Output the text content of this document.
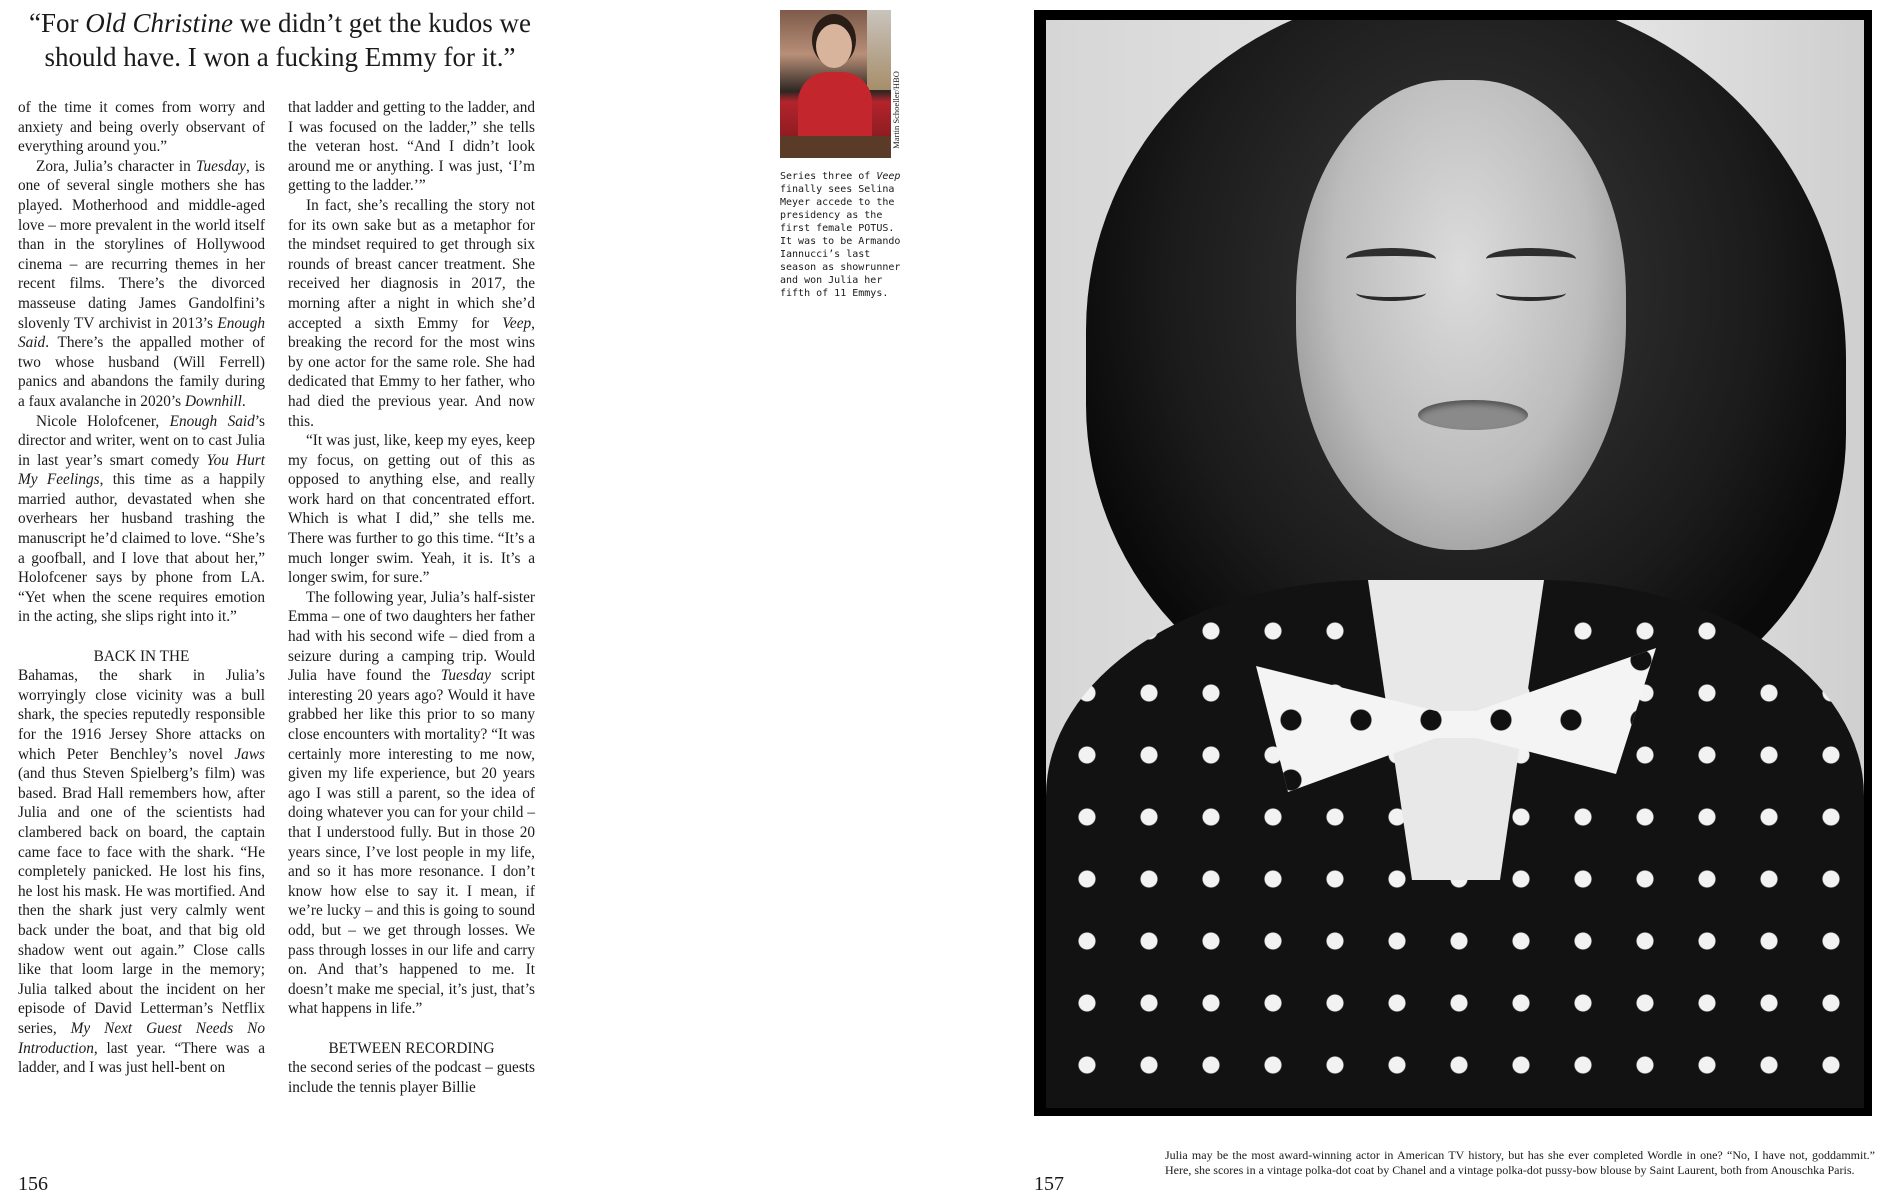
“For Old Christine we didn’t get the kudos we should have. I won a fucking Emmy for it.”

of the time it comes from worry and anxiety and being overly observant of everything around you.”

Zora, Julia’s character in Tuesday, is one of several single mothers she has played. Motherhood and middle-aged love – more prevalent in the world itself than in the storylines of Hollywood cinema – are recurring themes in her recent films. There’s the divorced masseuse dating James Gandolfini’s slovenly TV archivist in 2013’s Enough Said. There’s the appalled mother of two whose husband (Will Ferrell) panics and abandons the family during a faux avalanche in 2020’s Downhill.

Nicole Holofcener, Enough Said’s director and writer, went on to cast Julia in last year’s smart comedy You Hurt My Feelings, this time as a happily married author, devastated when she overhears her husband trashing the manuscript he’d claimed to love. “She’s a goofball, and I love that about her,” Holofcener says by phone from LA. “Yet when the scene requires emotion in the acting, she slips right into it.”

BACK IN THE

Bahamas, the shark in Julia’s worryingly close vicinity was a bull shark, the species reputedly responsible for the 1916 Jersey Shore attacks on which Peter Benchley’s novel Jaws (and thus Steven Spielberg’s film) was based. Brad Hall remembers how, after Julia and one of the scientists had clambered back on board, the captain came face to face with the shark. “He completely panicked. He lost his fins, he lost his mask. He was mortified. And then the shark just very calmly went back under the boat, and that big old shadow went out again.” Close calls like that loom large in the memory; Julia talked about the incident on her episode of David Letterman’s Netflix series, My Next Guest Needs No Introduction, last year. “There was a ladder, and I was just hell-bent on

that ladder and getting to the ladder, and I was focused on the ladder,” she tells the veteran host. “And I didn’t look around me or anything. I was just, ‘I’m getting to the ladder.’”

In fact, she’s recalling the story not for its own sake but as a metaphor for the mindset required to get through six rounds of breast cancer treatment. She received her diagnosis in 2017, the morning after a night in which she’d accepted a sixth Emmy for Veep, breaking the record for the most wins by one actor for the same role. She had dedicated that Emmy to her father, who had died the previous year. And now this.

“It was just, like, keep my eyes, keep my focus, on getting out of this as opposed to anything else, and really work hard on that concentrated effort. Which is what I did,” she tells me. There was further to go this time. “It’s a much longer swim. Yeah, it is. It’s a longer swim, for sure.”

The following year, Julia’s half-sister Emma – one of two daughters her father had with his second wife – died from a seizure during a camping trip. Would Julia have found the Tuesday script interesting 20 years ago? Would it have grabbed her like this prior to so many close encounters with mortality? “It was certainly more interesting to me now, given my life experience, but 20 years ago I was still a parent, so the idea of doing whatever you can for your child – that I understood fully. But in those 20 years since, I’ve lost people in my life, and so it has more resonance. I don’t know how else to say it. I mean, if we’re lucky – and this is going to sound odd, but – we get through losses. We pass through losses in our life and carry on. And that’s happened to me. It doesn’t make me special, it’s just, that’s what happens in life.”

BETWEEN RECORDING

the second series of the podcast – guests include the tennis player Billie

156	157
Martin Schoeller/HBO
Series three of Veep finally sees Selina Meyer accede to the presidency as the first female POTUS. It was to be Armando Iannucci’s last season as showrunner and won Julia her fifth of 11 Emmys.
Julia may be the most award-winning actor in American TV history, but has she ever completed Wordle in one? “No, I have not, goddammit.” Here, she scores in a vintage polka-dot coat by Chanel and a vintage polka-dot pussy-bow blouse by Saint Laurent, both from Anouschka Paris.
